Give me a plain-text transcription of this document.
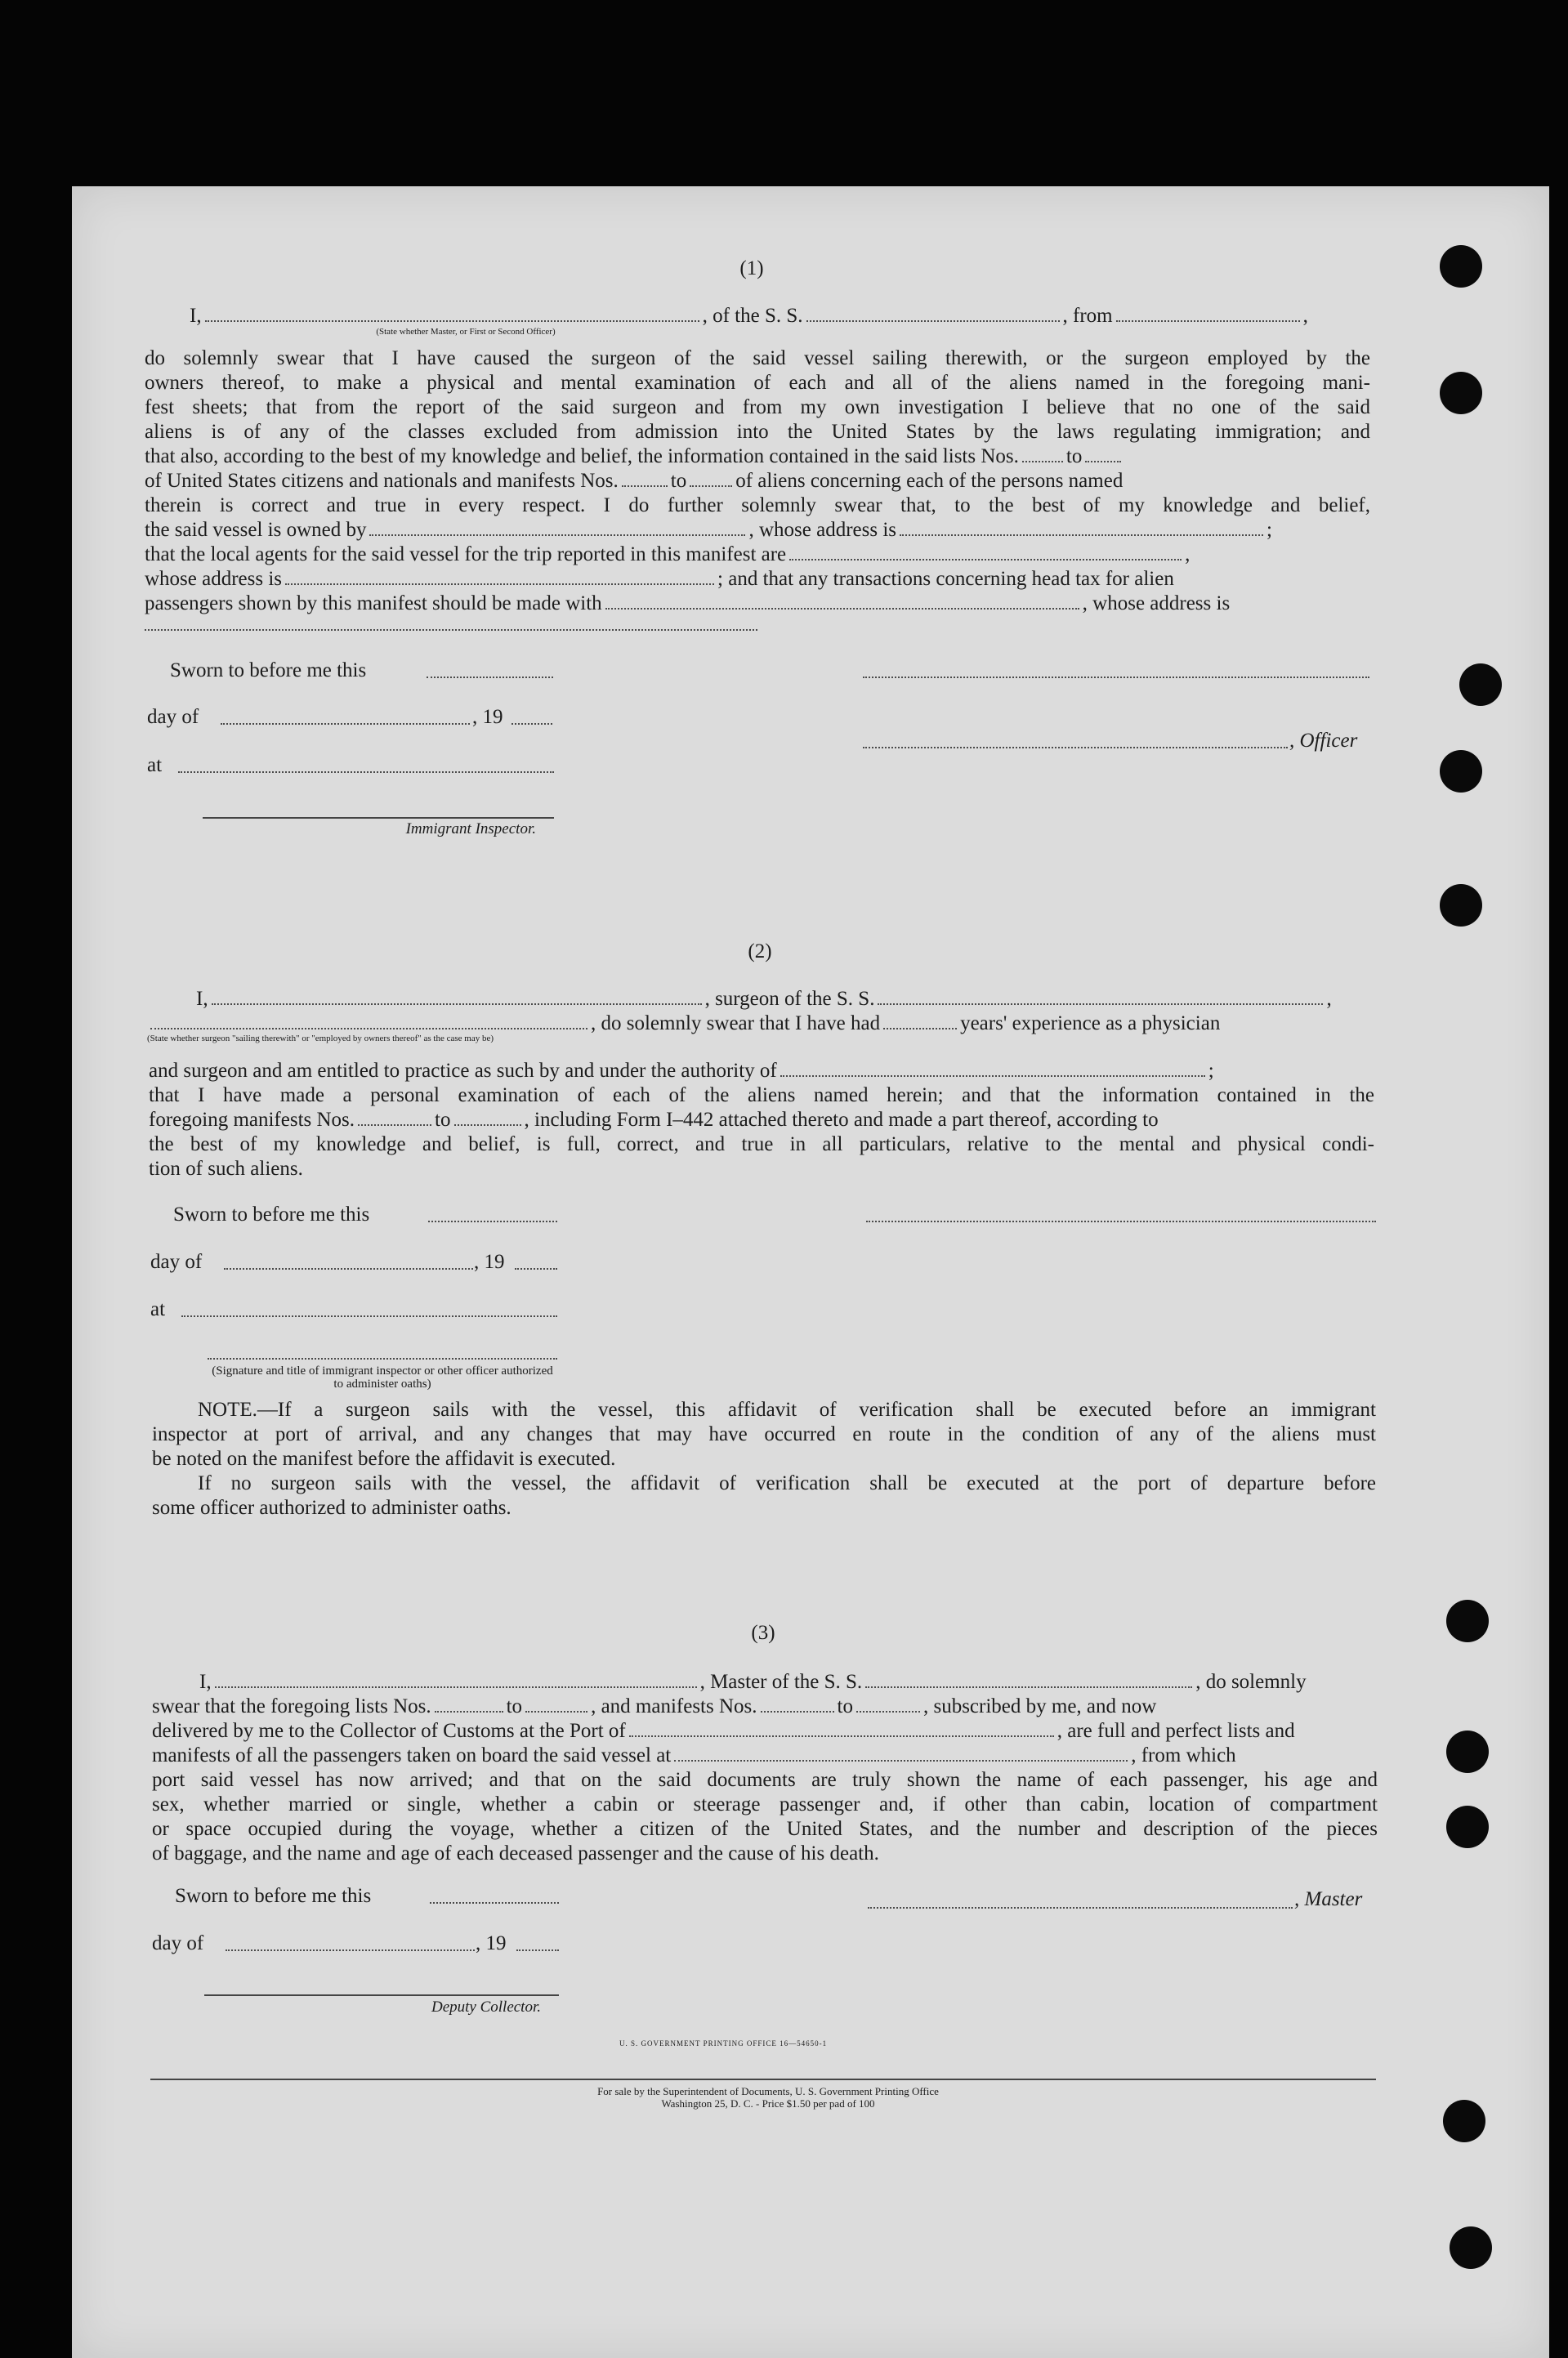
(1)
I,	, of the S. S.	, from	,
(State whether Master, or First or Second Officer)
do solemnly swear that I have caused the surgeon of the said vessel sailing therewith, or the surgeon employed by the
owners thereof, to make a physical and mental examination of each and all of the aliens named in the foregoing mani-
fest sheets; that from the report of the said surgeon and from my own investigation I believe that no one of the said
aliens is of any of the classes excluded from admission into the United States by the laws regulating immigration; and
that also, according to the best of my knowledge and belief, the information contained in the said lists Nos. to
of United States citizens and nationals and manifests Nos.	to of aliens concerning each of the persons named
therein is correct and true in every respect. I do further solemnly swear that, to the best of my knowledge and belief,
the said vessel is owned by	, whose address is	;
that the local agents for the said vessel for the trip reported in this manifest are	,
whose address is	; and that any transactions concerning head tax for alien
passengers shown by this manifest should be made with	, whose address is
Sworn to before me this
day of	, 19
, Officer
at
Immigrant Inspector.
(2)
I,	, surgeon of the S. S.	,
, do solemnly swear that I have had	years' experience as a physician
(State whether surgeon "sailing therewith" or "employed by owners thereof" as the case may be)
and surgeon and am entitled to practice as such by and under the authority of	;
that I have made a personal examination of each of the aliens named herein; and that the information contained in the
foregoing manifests Nos.	to	, including Form I–442 attached thereto and made a part thereof, according to
the best of my knowledge and belief, is full, correct, and true in all particulars, relative to the mental and physical condi-
tion of such aliens.
Sworn to before me this
day of	, 19
at
(Signature and title of immigrant inspector or other officer authorized to administer oaths)
NOTE.—If a surgeon sails with the vessel, this affidavit of verification shall be executed before an immigrant
inspector at port of arrival, and any changes that may have occurred en route in the condition of any of the aliens must
be noted on the manifest before the affidavit is executed.
If no surgeon sails with the vessel, the affidavit of verification shall be executed at the port of departure before
some officer authorized to administer oaths.
(3)
I,	, Master of the S. S.	, do solemnly
swear that the foregoing lists Nos.	to	, and manifests Nos.	to	, subscribed by me, and now
delivered by me to the Collector of Customs at the Port of	, are full and perfect lists and
manifests of all the passengers taken on board the said vessel at	, from which
port said vessel has now arrived; and that on the said documents are truly shown the name of each passenger, his age and
sex, whether married or single, whether a cabin or steerage passenger and, if other than cabin, location of compartment
or space occupied during the voyage, whether a citizen of the United States, and the number and description of the pieces
of baggage, and the name and age of each deceased passenger and the cause of his death.
Sworn to before me this	, Master
day of	, 19
Deputy Collector.
U. S. GOVERNMENT PRINTING OFFICE 16—54650-1
For sale by the Superintendent of Documents, U. S. Government Printing Office
Washington 25, D. C. - Price $1.50 per pad of 100
